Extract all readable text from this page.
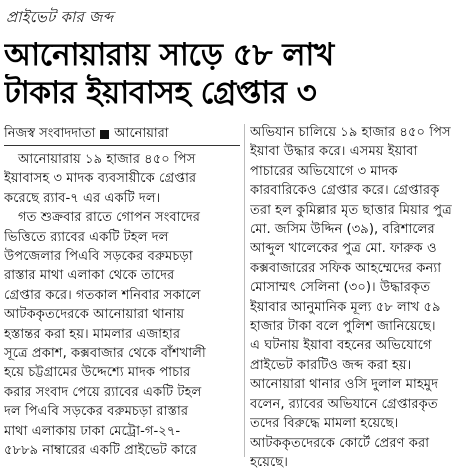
প্রাইভেট কার জব্দ
আনোয়ারায় সাড়ে ৫৮ লাখ
টাকার ইয়াবাসহ গ্রেপ্তার ৩
নিজস্ব সংবাদদাতা আনোয়ারা
আনোয়ারায় ১৯ হাজার ৪৫০ পিস
ইয়াবাসহ ৩ মাদক ব্যবসায়ীকে গ্রেপ্তার
করেছে র‍্যাব-৭ এর একটি দল।
গত শুক্রবার রাতে গোপন সংবাদের
ভিত্তিতে র‍্যাবের একটি টহল দল
উপজেলার পিএবি সড়কের বরুমচড়া
রাস্তার মাথা এলাকা থেকে তাদের
গ্রেপ্তার করে। গতকাল শনিবার সকালে
আটককৃতদেরকে আনোয়ারা থানায়
হস্তান্তর করা হয়। মামলার এজাহার
সূত্রে প্রকাশ, কক্সবাজার থেকে বাঁশখালী
হয়ে চট্টগ্রামের উদ্দেশ্যে মাদক পাচার
করার সংবাদ পেয়ে র‍্যাবের একটি টহল
দল পিএবি সড়কের বরুমচড়া রাস্তার
মাথা এলাকায় ঢাকা মেট্রো-গ-২৭-
৫৮৮৯ নাম্বারের একটি প্রাইভেট কারে
অভিযান চালিয়ে ১৯ হাজার ৪৫০ পিস
ইয়াবা উদ্ধার করে। এসময় ইয়াবা
পাচারের অভিযোগে ৩ মাদক
কারবারিকেও গ্রেপ্তার করে। গ্রেপ্তারকৃ
তরা হল কুমিল্লার মৃত ছাত্তার মিয়ার পুত্র
মো. জসিম উদ্দিন (৩৯), বরিশালের
আব্দুল খালেকের পুত্র মো. ফারুক ও
কক্সবাজারের সফিক আহম্মেদের কন্যা
মোসাম্মৎ সেলিনা (৩০)। উদ্ধারকৃত
ইয়াবার আনুমানিক মূল্য ৫৮ লাখ ৫৯
হাজার টাকা বলে পুলিশ জানিয়েছে।
এ ঘটনায় ইয়াবা বহনের অভিযোগে
প্রাইভেট কারটিও জব্দ করা হয়।
আনোয়ারা থানার ওসি দুলাল মাহমুদ
বলেন, র‍্যাবের অভিযানে গ্রেপ্তারকৃত
তদের বিরুদ্ধে মামলা হয়েছে।
আটককৃতদেরকে কোর্টে প্রেরণ করা
হয়েছে।
